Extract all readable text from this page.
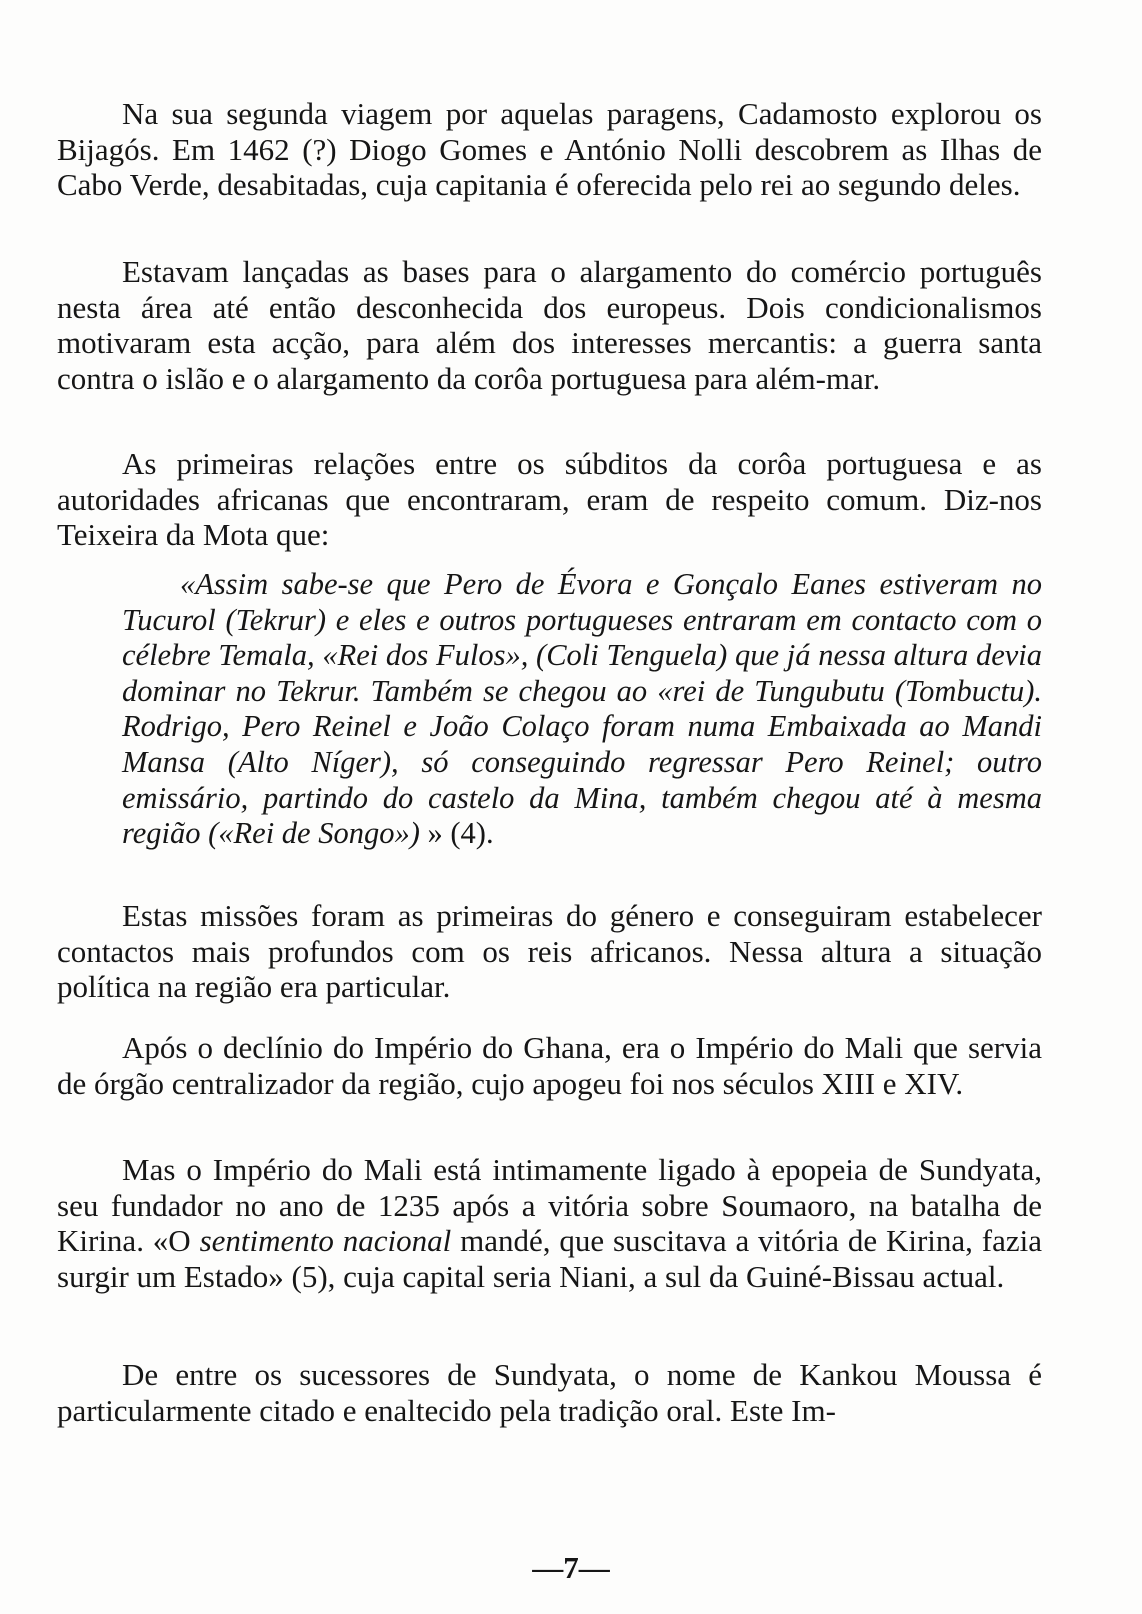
Na sua segunda viagem por aquelas paragens, Cadamosto explorou os Bijagós. Em 1462 (?) Diogo Gomes e António Nolli descobrem as Ilhas de Cabo Verde, desabitadas, cuja capitania é oferecida pelo rei ao segundo deles.

Estavam lançadas as bases para o alargamento do comércio português nesta área até então desconhecida dos europeus. Dois condicionalismos motivaram esta acção, para além dos interesses mercantis: a guerra santa contra o islão e o alargamento da corôa portuguesa para além-mar.

As primeiras relações entre os súbditos da corôa portuguesa e as autoridades africanas que encontraram, eram de respeito comum. Diz-nos Teixeira da Mota que:

«Assim sabe-se que Pero de Évora e Gonçalo Eanes estiveram no Tucurol (Tekrur) e eles e outros portugueses entraram em contacto com o célebre Temala, «Rei dos Fulos», (Coli Tenguela) que já nessa altura devia dominar no Tekrur. Também se chegou ao «rei de Tungubutu (Tombuctu). Rodrigo, Pero Reinel e João Colaço foram numa Embaixada ao Mandi Mansa (Alto Níger), só conseguindo regressar Pero Reinel; outro emissário, partindo do castelo da Mina, também chegou até à mesma região («Rei de Songo») » (4).

Estas missões foram as primeiras do género e conseguiram estabelecer contactos mais profundos com os reis africanos. Nessa altura a situação política na região era particular.

Após o declínio do Império do Ghana, era o Império do Mali que servia de órgão centralizador da região, cujo apogeu foi nos séculos XIII e XIV.

Mas o Império do Mali está intimamente ligado à epopeia de Sundyata, seu fundador no ano de 1235 após a vitória sobre Soumaoro, na batalha de Kirina. «O sentimento nacional mandé, que suscitava a vitória de Kirina, fazia surgir um Estado» (5), cuja capital seria Niani, a sul da Guiné-Bissau actual.

De entre os sucessores de Sundyata, o nome de Kankou Moussa é particularmente citado e enaltecido pela tradição oral. Este Im-

—7—
